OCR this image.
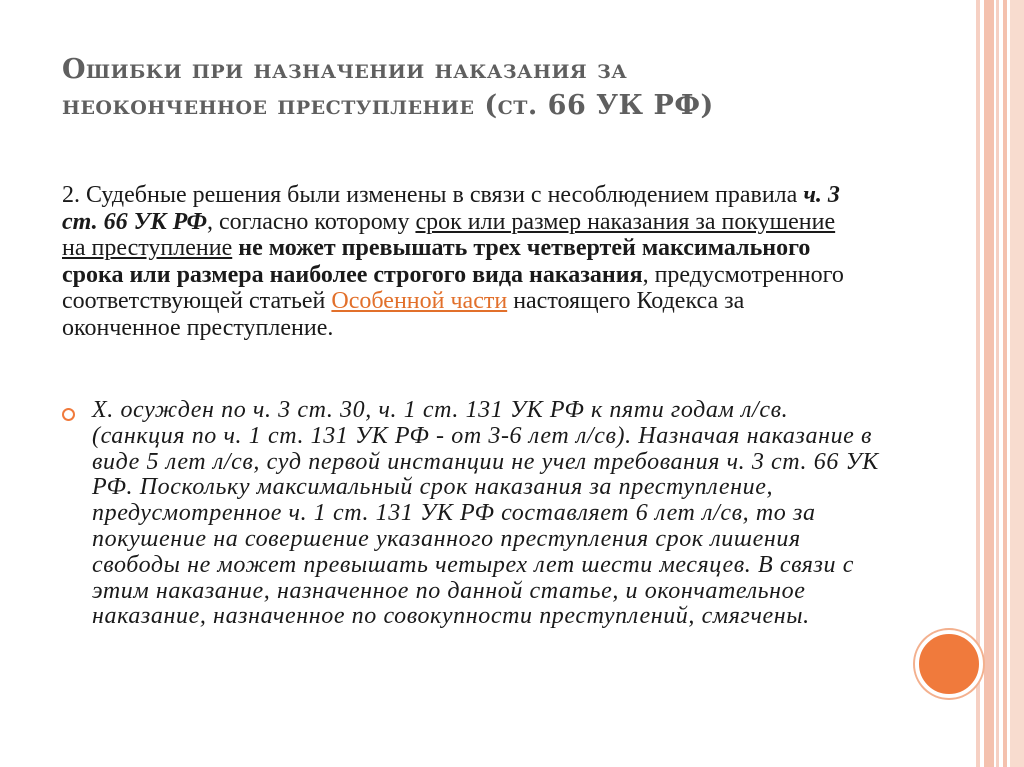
Ошибки при назначении наказания за
неоконченное преступление (ст. 66 УК РФ)

2. Судебные решения были изменены в связи с несоблюдением правила ч. 3 ст. 66 УК РФ, согласно которому срок или размер наказания за покушение на преступление не может превышать трех четвертей максимального срока или размера наиболее строгого вида наказания, предусмотренного соответствующей статьей Особенной части настоящего Кодекса за оконченное преступление.

Х. осужден по ч. 3 ст. 30, ч. 1 ст. 131 УК РФ к пяти годам л/св. (санкция по ч. 1 ст. 131 УК РФ - от 3-6 лет л/св). Назначая наказание в виде 5 лет л/св, суд первой инстанции не учел требования ч. 3 ст. 66 УК РФ. Поскольку максимальный срок наказания за преступление, предусмотренное ч. 1 ст. 131 УК РФ составляет 6 лет л/св, то за покушение на совершение указанного преступления срок лишения свободы не может превышать четырех лет шести месяцев. В связи с этим наказание, назначенное по данной статье, и окончательное наказание, назначенное по совокупности преступлений, смягчены.
